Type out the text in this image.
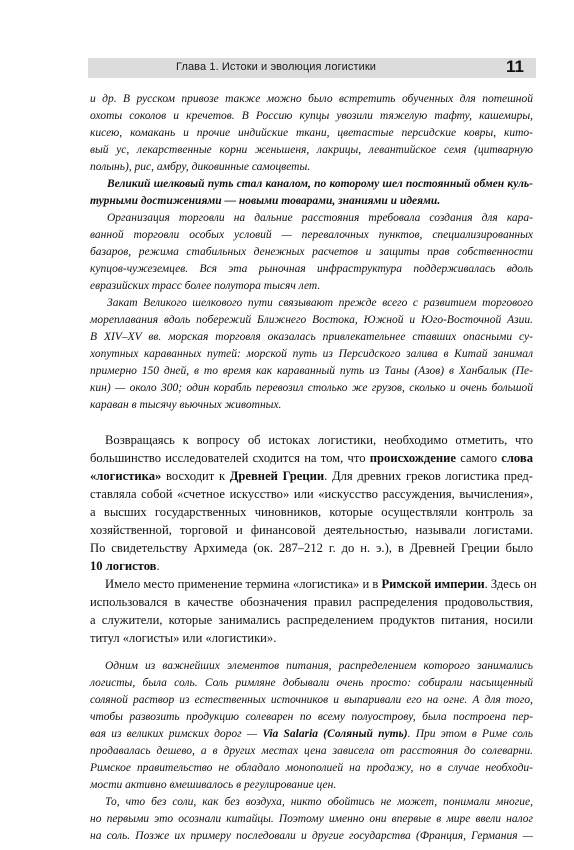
Глава 1. Истоки и эволюция логистики	11
и др. В русском привозе также можно было встретить обученных для потешной
охоты соколов и кречетов. В Россию купцы увозили тяжелую тафту, кашемиры,
кисею, комакань и прочие индийские ткани, цветастые персидские ковры, кито-
вый ус, лекарственные корни женьшеня, лакрицы, левантийское семя (цитварную
полынь), рис, амбру, диковинные самоцветы.
Великий шелковый путь стал каналом, по которому шел постоянный обмен куль-
турными достижениями — новыми товарами, знаниями и идеями.
Организация торговли на дальние расстояния требовала создания для кара-
ванной торговли особых условий — перевалочных пунктов, специализированных
базаров, режима стабильных денежных расчетов и защиты прав собственности
купцов-чужеземцев. Вся эта рыночная инфраструктура поддерживалась вдоль
евразийских трасс более полутора тысяч лет.
Закат Великого шелкового пути связывают прежде всего с развитием торгового
мореплавания вдоль побережий Ближнего Востока, Южной и Юго-Восточной Азии.
В XIV–XV вв. морская торговля оказалась привлекательнее ставших опасными су-
хопутных караванных путей: морской путь из Персидского залива в Китай занимал
примерно 150 дней, в то время как караванный путь из Таны (Азов) в Ханбалык (Пе-
кин) — около 300; один корабль перевозил столько же грузов, сколько и очень большой
караван в тысячу вьючных животных.
Возвращаясь к вопросу об истоках логистики, необходимо отметить, что
большинство исследователей сходится на том, что происхождение самого слова
«логистика» восходит к Древней Греции. Для древних греков логистика пред-
ставляла собой «счетное искусство» или «искусство рассуждения, вычисления»,
а высших государственных чиновников, которые осуществляли контроль за
хозяйственной, торговой и финансовой деятельностью, называли логистами.
По свидетельству Архимеда (ок. 287–212 г. до н. э.), в Древней Греции было
10 логистов.
Имело место применение термина «логистика» и в Римской империи. Здесь он
использовался в качестве обозначения правил распределения продовольствия,
а служители, которые занимались распределением продуктов питания, носили
титул «логисты» или «логистики».
Одним из важнейших элементов питания, распределением которого занимались
логисты, была соль. Соль римляне добывали очень просто: собирали насыщенный
соляной раствор из естественных источников и выпаривали его на огне. А для того,
чтобы развозить продукцию солеварен по всему полуострову, была построена пер-
вая из великих римских дорог — Via Salaria (Соляный путь). При этом в Риме соль
продавалась дешево, а в других местах цена зависела от расстояния до солеварни.
Римское правительство не обладало монополией на продажу, но в случае необходи-
мости активно вмешивалось в регулирование цен.
То, что без соли, как без воздуха, никто обойтись не может, понимали многие,
но первыми это осознали китайцы. Поэтому именно они впервые в мире ввели налог
на соль. Позже их примеру последовали и другие государства (Франция, Германия —
